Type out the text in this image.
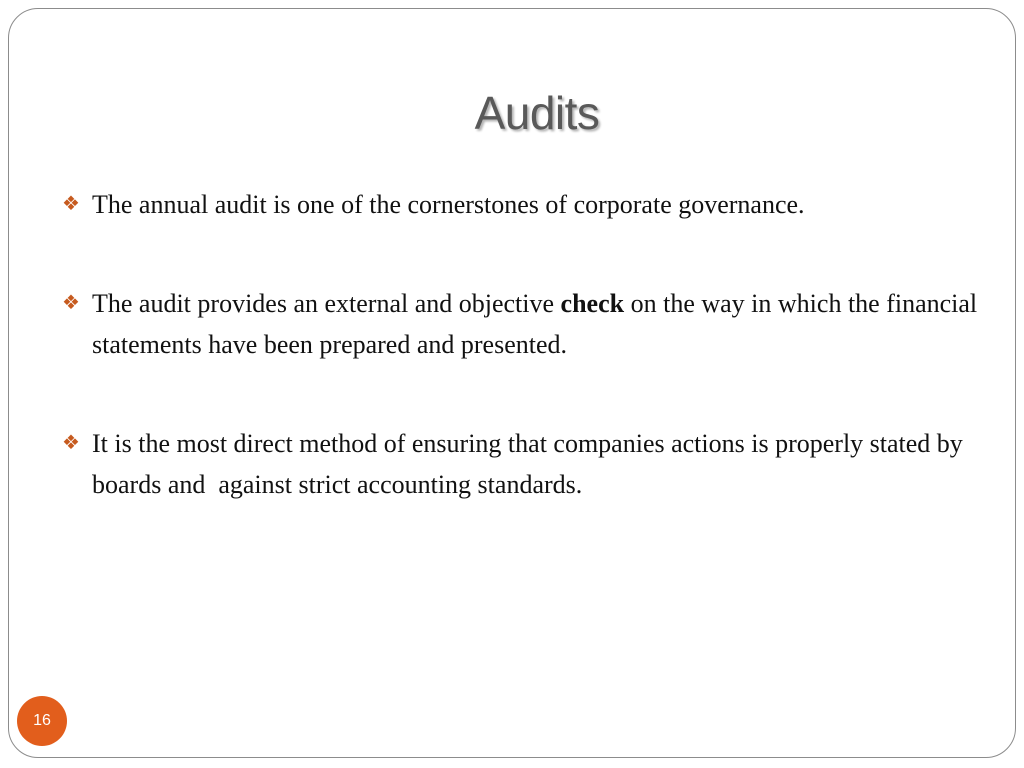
Audits
❖ The annual audit is one of the cornerstones of corporate governance.
❖ The audit provides an external and objective check on the way in which the financial statements have been prepared and presented.
❖ It is the most direct method of ensuring that companies actions is properly stated by boards and  against strict accounting standards.
16
